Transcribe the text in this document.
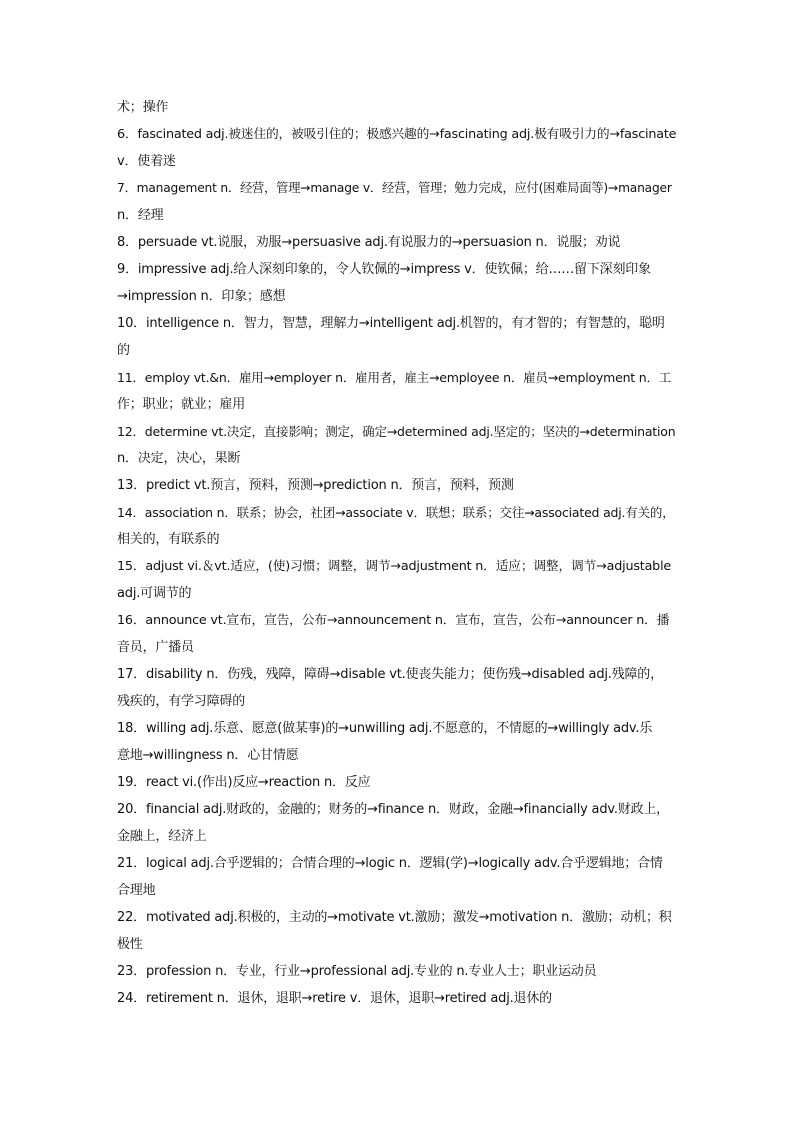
术；操作
6．fascinated adj.被迷住的，被吸引住的；极感兴趣的→fascinating adj.极有吸引力的→fascinate
v．使着迷
7．management n．经营，管理→manage v．经营，管理；勉力完成，应付(困难局面等)→manager
n．经理
8．persuade vt.说服，劝服→persuasive adj.有说服力的→persuasion n．说服；劝说
9．impressive adj.给人深刻印象的，令人钦佩的→impress v．使钦佩；给……留下深刻印象
→impression n．印象；感想
10．intelligence n．智力，智慧，理解力→intelligent adj.机智的，有才智的；有智慧的，聪明
的
11．employ vt.&n．雇用→employer n．雇用者，雇主→employee n．雇员→employment n．工
作；职业；就业；雇用
12．determine vt.决定，直接影响；测定，确定→determined adj.坚定的；坚决的→determination
n．决定，决心，果断
13．predict vt.预言，预料，预测→prediction n．预言，预料，预测
14．association n．联系；协会，社团→associate v．联想；联系；交往→associated adj.有关的，
相关的，有联系的
15．adjust vi.＆vt.适应，(使)习惯；调整，调节→adjustment n．适应；调整，调节→adjustable
adj.可调节的
16．announce vt.宣布，宣告，公布→announcement n．宣布，宣告，公布→announcer n．播
音员，广播员
17．disability n．伤残，残障，障碍→disable vt.使丧失能力；使伤残→disabled adj.残障的，
残疾的，有学习障碍的
18．willing adj.乐意、愿意(做某事)的→unwilling adj.不愿意的，不情愿的→willingly adv.乐
意地→willingness n．心甘情愿
19．react vi.(作出)反应→reaction n．反应
20．financial adj.财政的，金融的；财务的→finance n．财政，金融→financially adv.财政上，
金融上，经济上
21．logical adj.合乎逻辑的；合情合理的→logic n．逻辑(学)→logically adv.合乎逻辑地；合情
合理地
22．motivated adj.积极的，主动的→motivate vt.激励；激发→motivation n．激励；动机；积
极性
23．profession n．专业，行业→professional adj.专业的 n.专业人士；职业运动员
24．retirement n．退休，退职→retire v．退休，退职→retired adj.退休的
